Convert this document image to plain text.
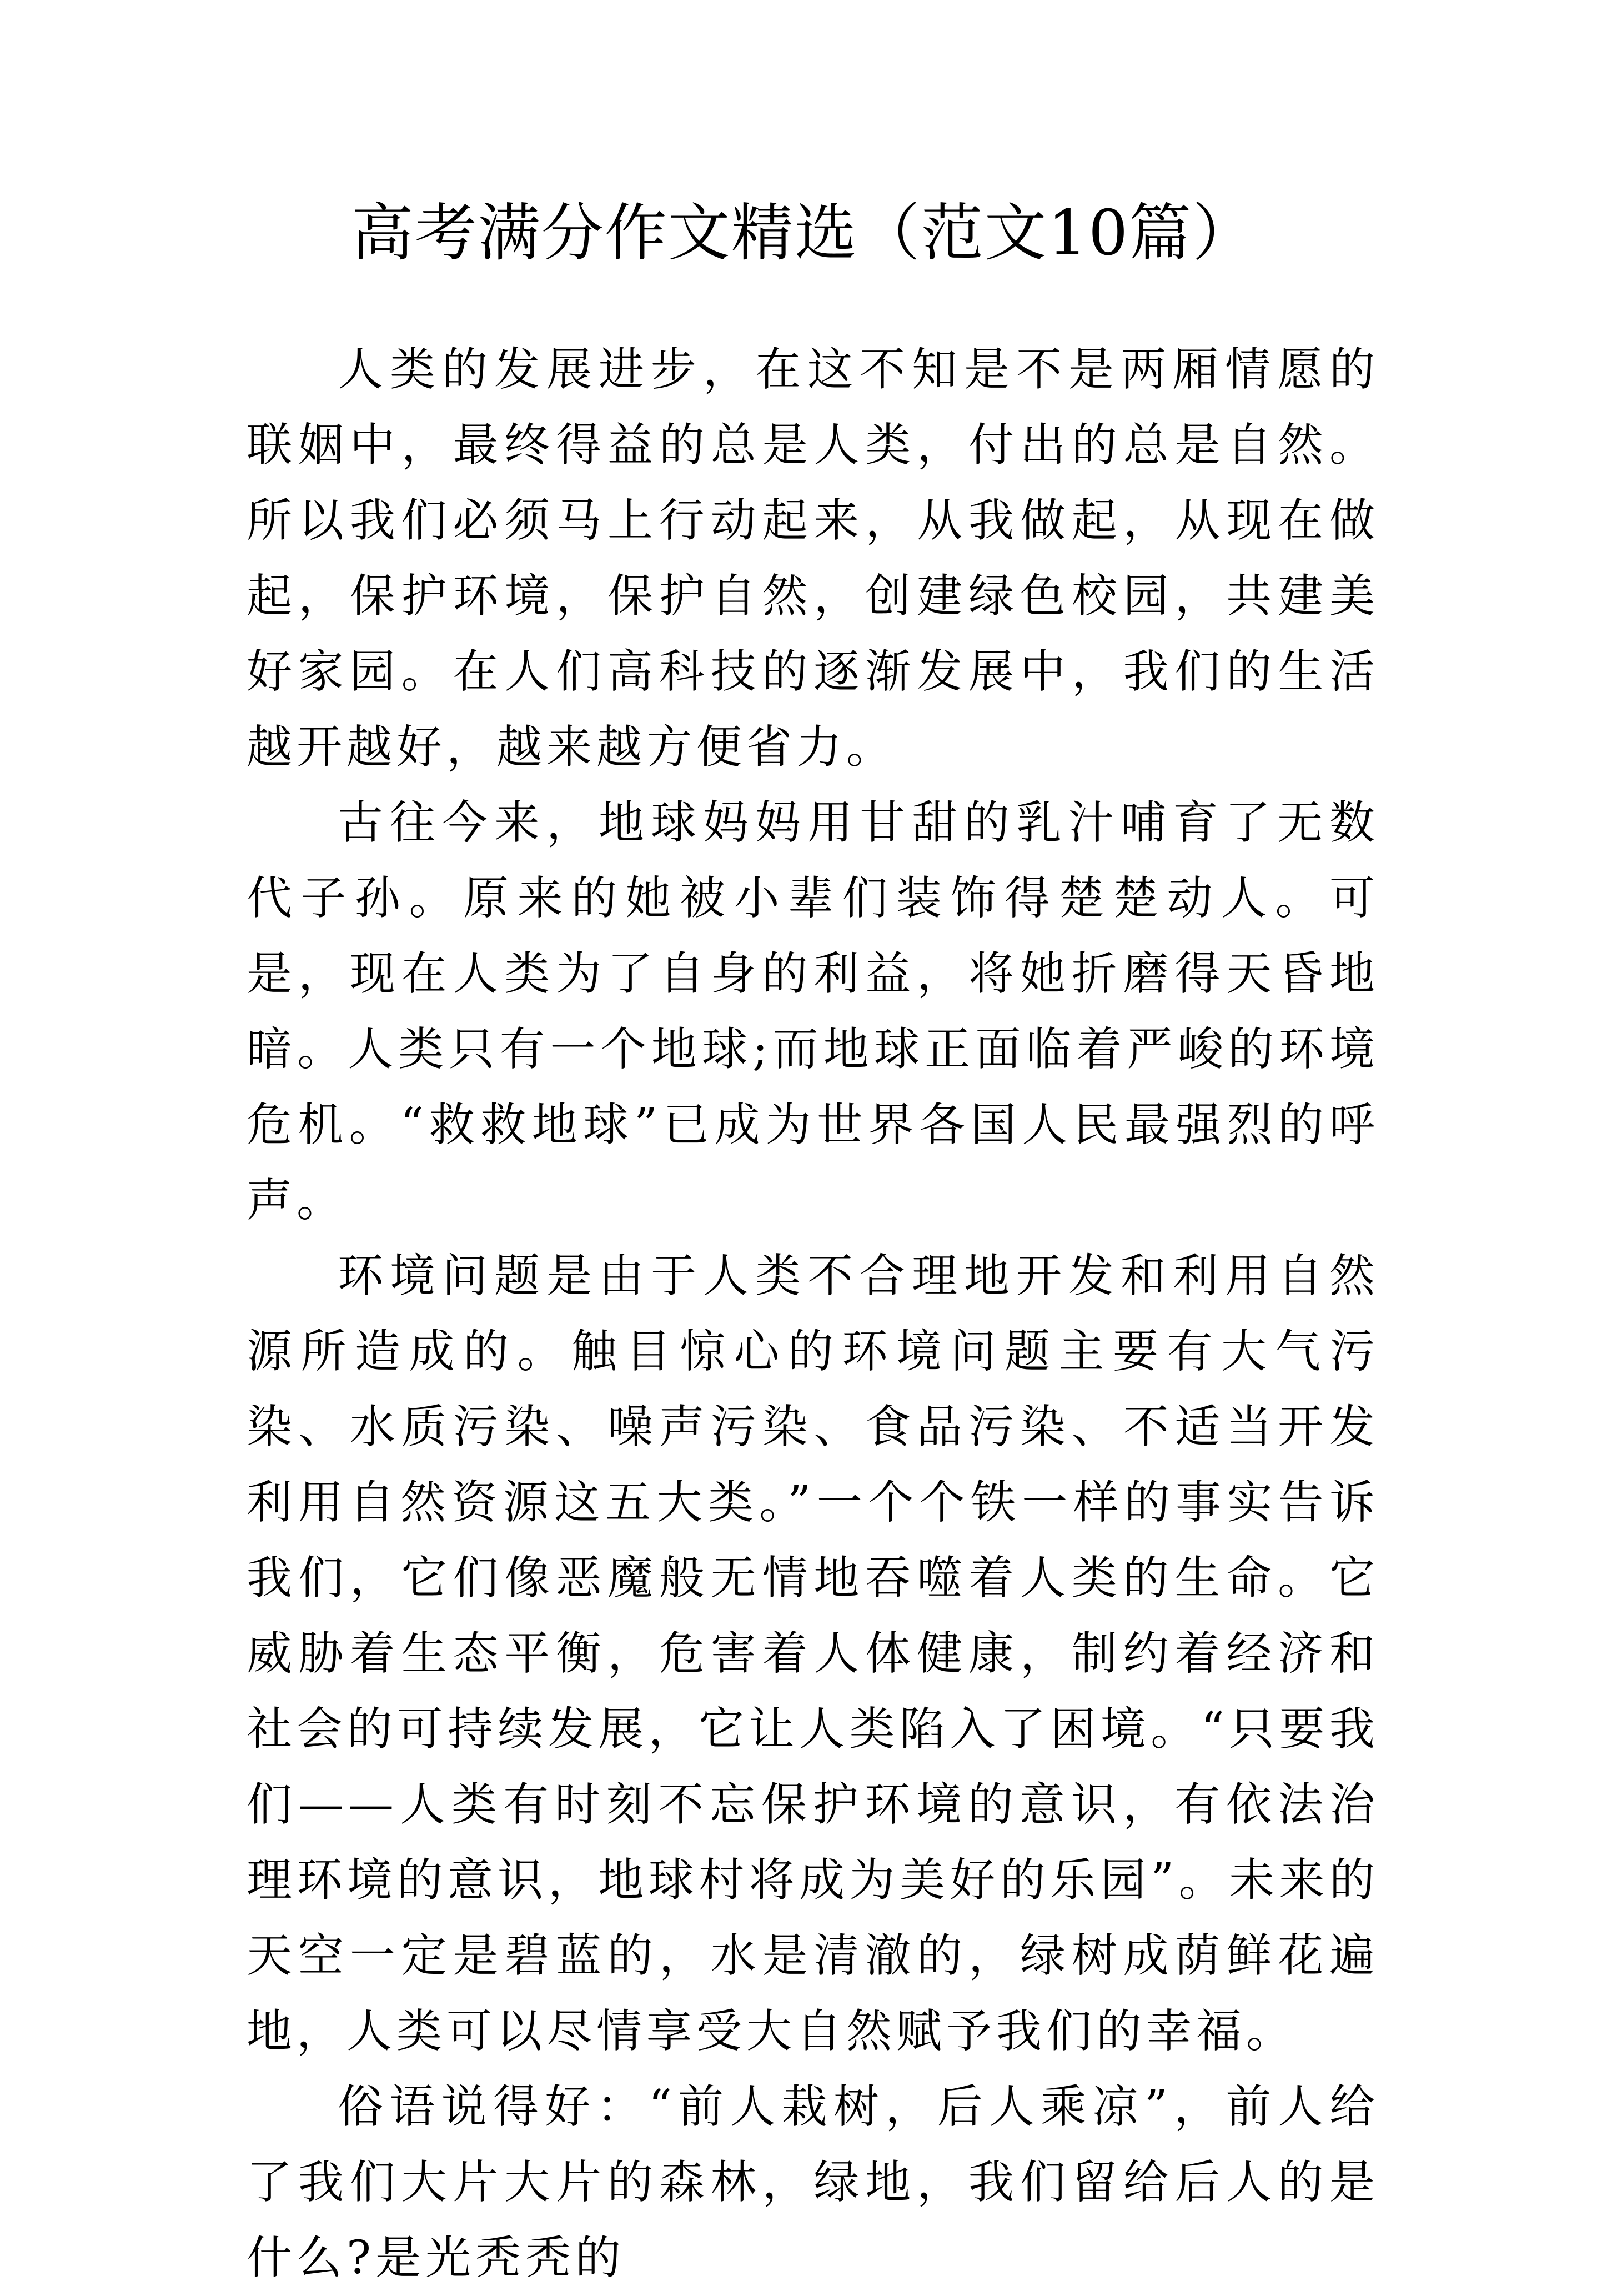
高考满分作文精选（范文10篇）

人类的发展进步，在这不知是不是两厢情愿的联姻中，最终得益的总是人类，付出的总是自然。所以我们必须马上行动起来，从我做起，从现在做起，保护环境，保护自然，创建绿色校园，共建美好家园。在人们高科技的逐渐发展中，我们的生活越开越好，越来越方便省力。

古往今来，地球妈妈用甘甜的乳汁哺育了无数代子孙。原来的她被小辈们装饰得楚楚动人。可是，现在人类为了自身的利益，将她折磨得天昏地暗。人类只有一个地球;而地球正面临着严峻的环境危机。“救救地球”已成为世界各国人民最强烈的呼声。

环境问题是由于人类不合理地开发和利用自然源所造成的。触目惊心的环境问题主要有大气污染、水质污染、噪声污染、食品污染、不适当开发利用自然资源这五大类。”一个个铁一样的事实告诉我们，它们像恶魔般无情地吞噬着人类的生命。它威胁着生态平衡，危害着人体健康，制约着经济和社会的可持续发展，它让人类陷入了困境。“只要我们——人类有时刻不忘保护环境的意识，有依法治理环境的意识，地球村将成为美好的乐园”。未来的天空一定是碧蓝的，水是清澈的，绿树成荫鲜花遍地，人类可以尽情享受大自然赋予我们的幸福。

俗语说得好：“前人栽树，后人乘凉”，前人给了我们大片大片的森林，绿地，我们留给后人的是什么?是光秃秃的
